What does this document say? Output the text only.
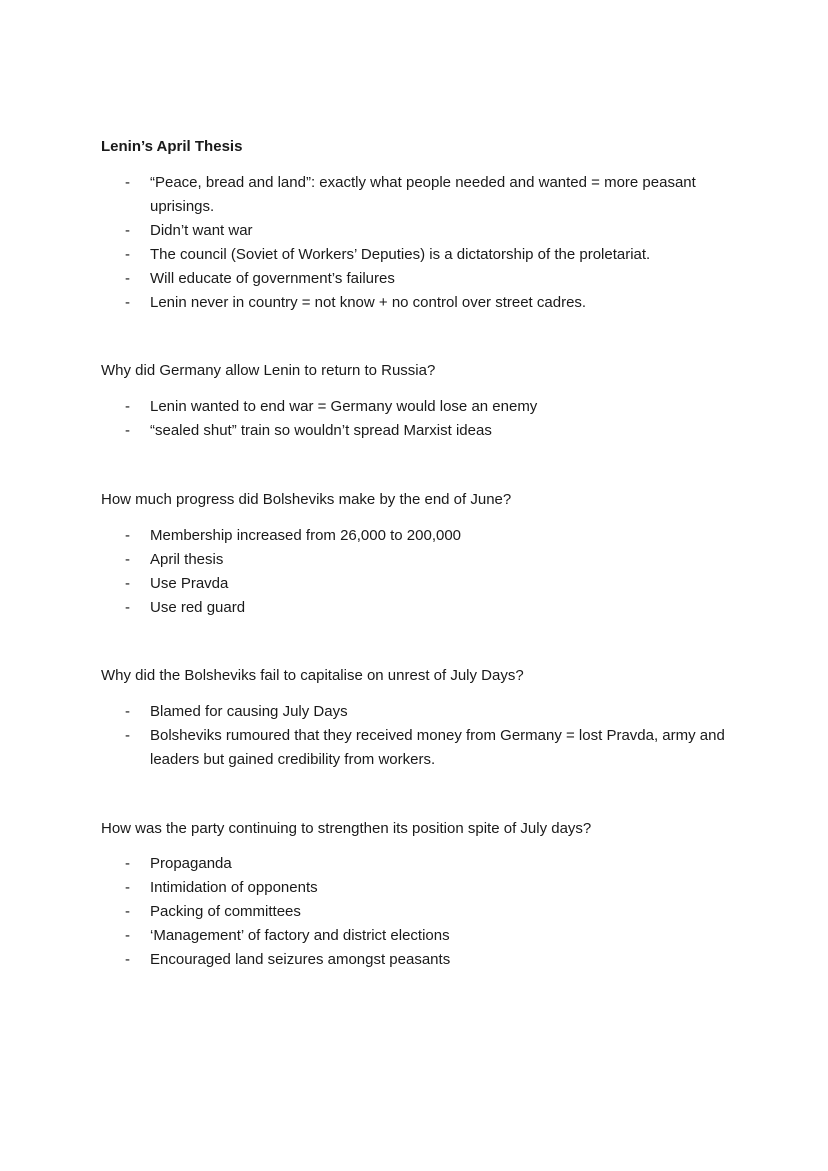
Lenin’s April Thesis
- “Peace, bread and land”: exactly what people needed and wanted = more peasant uprisings.
- Didn’t want war
- The council (Soviet of Workers’ Deputies) is a dictatorship of the proletariat.
- Will educate of government’s failures
- Lenin never in country = not know + no control over street cadres.
Why did Germany allow Lenin to return to Russia?
- Lenin wanted to end war = Germany would lose an enemy
- “sealed shut” train so wouldn’t spread Marxist ideas
How much progress did Bolsheviks make by the end of June?
- Membership increased from 26,000 to 200,000
- April thesis
- Use Pravda
- Use red guard
Why did the Bolsheviks fail to capitalise on unrest of July Days?
- Blamed for causing July Days
- Bolsheviks rumoured that they received money from Germany = lost Pravda, army and leaders but gained credibility from workers.
How was the party continuing to strengthen its position spite of July days?
- Propaganda
- Intimidation of opponents
- Packing of committees
- ‘Management’ of factory and district elections
- Encouraged land seizures amongst peasants
